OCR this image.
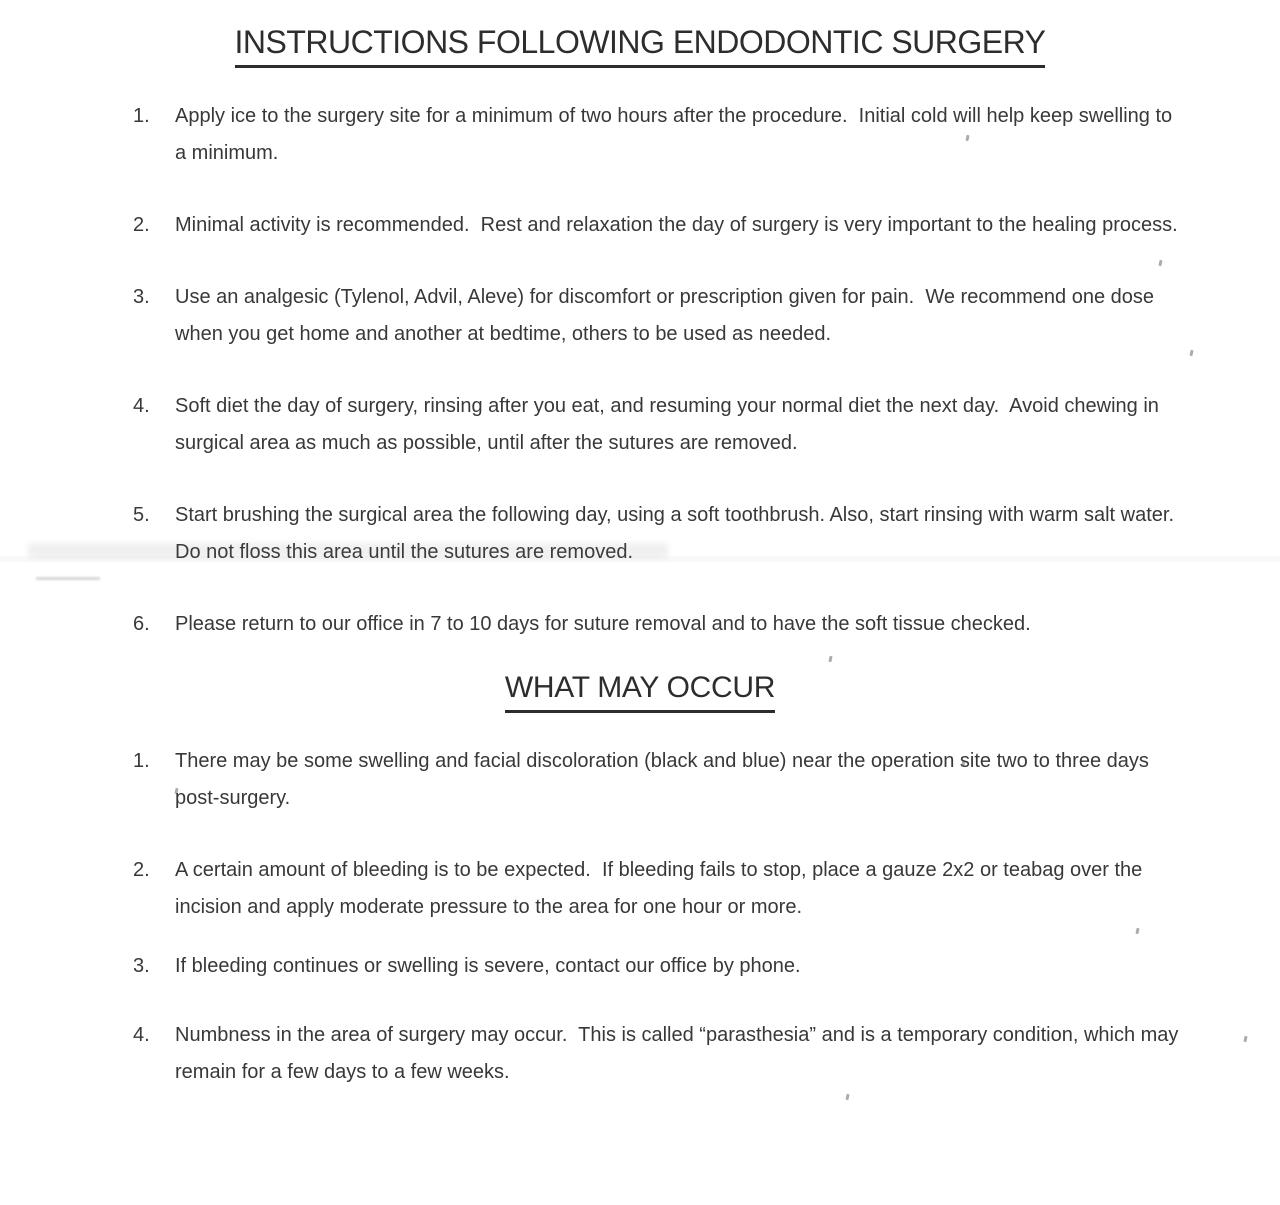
INSTRUCTIONS FOLLOWING ENDODONTIC SURGERY
1.	Apply ice to the surgery site for a minimum of two hours after the procedure.  Initial cold will help keep swelling to a minimum.
2.	Minimal activity is recommended.  Rest and relaxation the day of surgery is very important to the healing process.
3.	Use an analgesic (Tylenol, Advil, Aleve) for discomfort or prescription given for pain.  We recommend one dose when you get home and another at bedtime, others to be used as needed.
4.	Soft diet the day of surgery, rinsing after you eat, and resuming your normal diet the next day.  Avoid chewing in surgical area as much as possible, until after the sutures are removed.
5.	Start brushing the surgical area the following day, using a soft toothbrush. Also, start rinsing with warm salt water.   Do not floss this area until the sutures are removed.
6.	Please return to our office in 7 to 10 days for suture removal and to have the soft tissue checked.
WHAT MAY OCCUR
1.	There may be some swelling and facial discoloration (black and blue) near the operation site two to three days post-surgery.
2.	A certain amount of bleeding is to be expected.  If bleeding fails to stop, place a gauze 2x2 or teabag over the incision and apply moderate pressure to the area for one hour or more.
3.	If bleeding continues or swelling is severe, contact our office by phone.
4.	Numbness in the area of surgery may occur.  This is called “parasthesia” and is a temporary condition, which may remain for a few days to a few weeks.
